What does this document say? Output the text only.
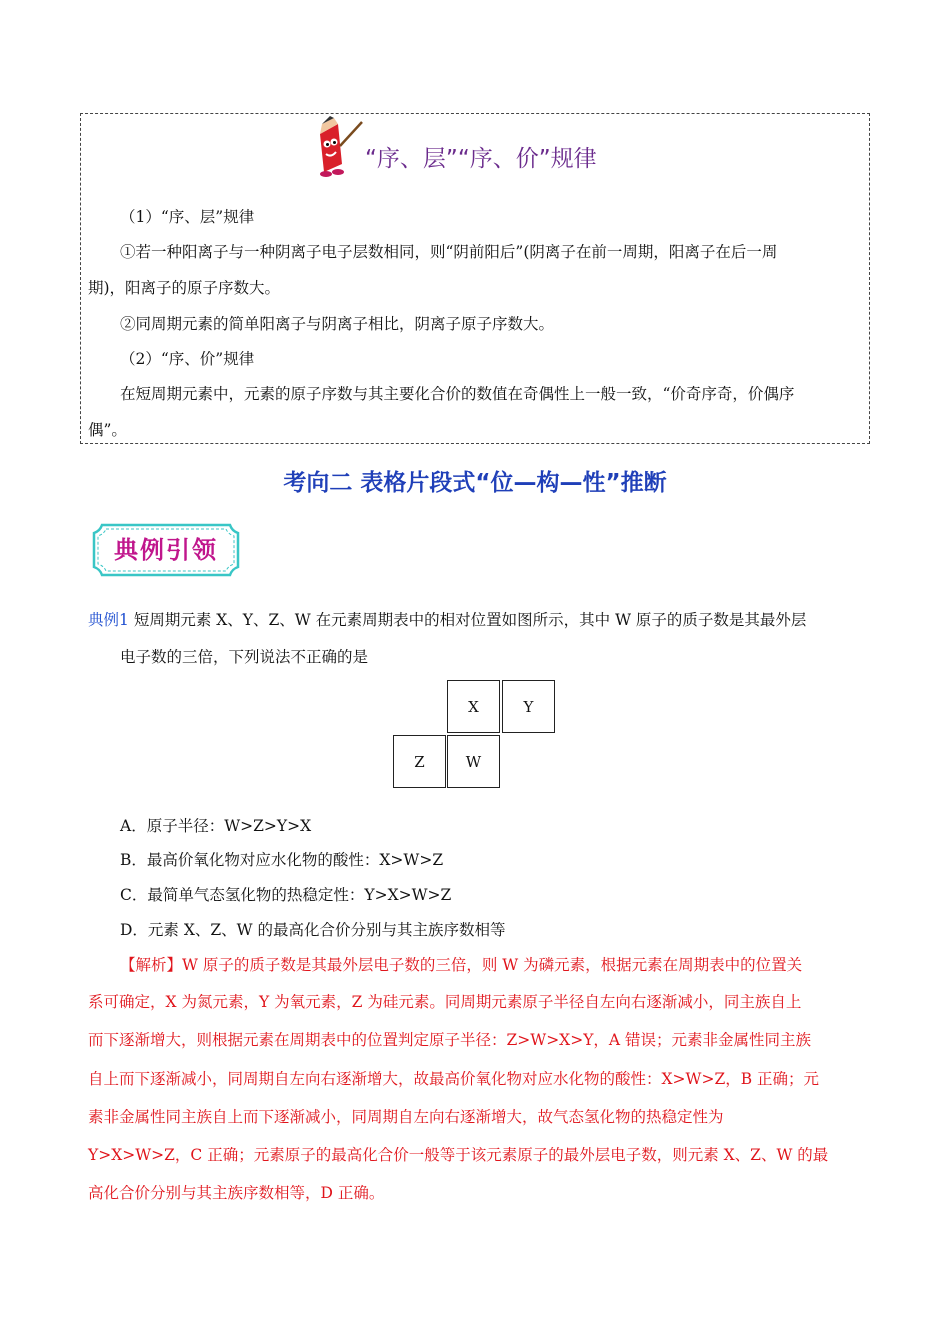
“序、层”“序、价”规律
（1）“序、层”规律
①若一种阳离子与一种阴离子电子层数相同，则“阴前阳后”(阴离子在前一周期，阳离子在后一周
期)，阳离子的原子序数大。
②同周期元素的简单阳离子与阴离子相比，阴离子原子序数大。
（2）“序、价”规律
在短周期元素中，元素的原子序数与其主要化合价的数值在奇偶性上一般一致，“价奇序奇，价偶序
偶”。
考向二 表格片段式“位—构—性”推断
典例引领
典例1 短周期元素 X、Y、Z、W 在元素周期表中的相对位置如图所示，其中 W 原子的质子数是其最外层
电子数的三倍，下列说法不正确的是
X	Y
Z	W
A．原子半径：W>Z>Y>X
B．最高价氧化物对应水化物的酸性：X>W>Z
C．最简单气态氢化物的热稳定性：Y>X>W>Z
D．元素 X、Z、W 的最高化合价分别与其主族序数相等
【解析】W 原子的质子数是其最外层电子数的三倍，则 W 为磷元素，根据元素在周期表中的位置关
系可确定，X 为氮元素，Y 为氧元素，Z 为硅元素。同周期元素原子半径自左向右逐渐减小，同主族自上
而下逐渐增大，则根据元素在周期表中的位置判定原子半径：Z>W>X>Y，A 错误；元素非金属性同主族
自上而下逐渐减小，同周期自左向右逐渐增大，故最高价氧化物对应水化物的酸性：X>W>Z，B 正确；元
素非金属性同主族自上而下逐渐减小，同周期自左向右逐渐增大，故气态氢化物的热稳定性为
Y>X>W>Z，C 正确；元素原子的最高化合价一般等于该元素原子的最外层电子数，则元素 X、Z、W 的最
高化合价分别与其主族序数相等，D 正确。
